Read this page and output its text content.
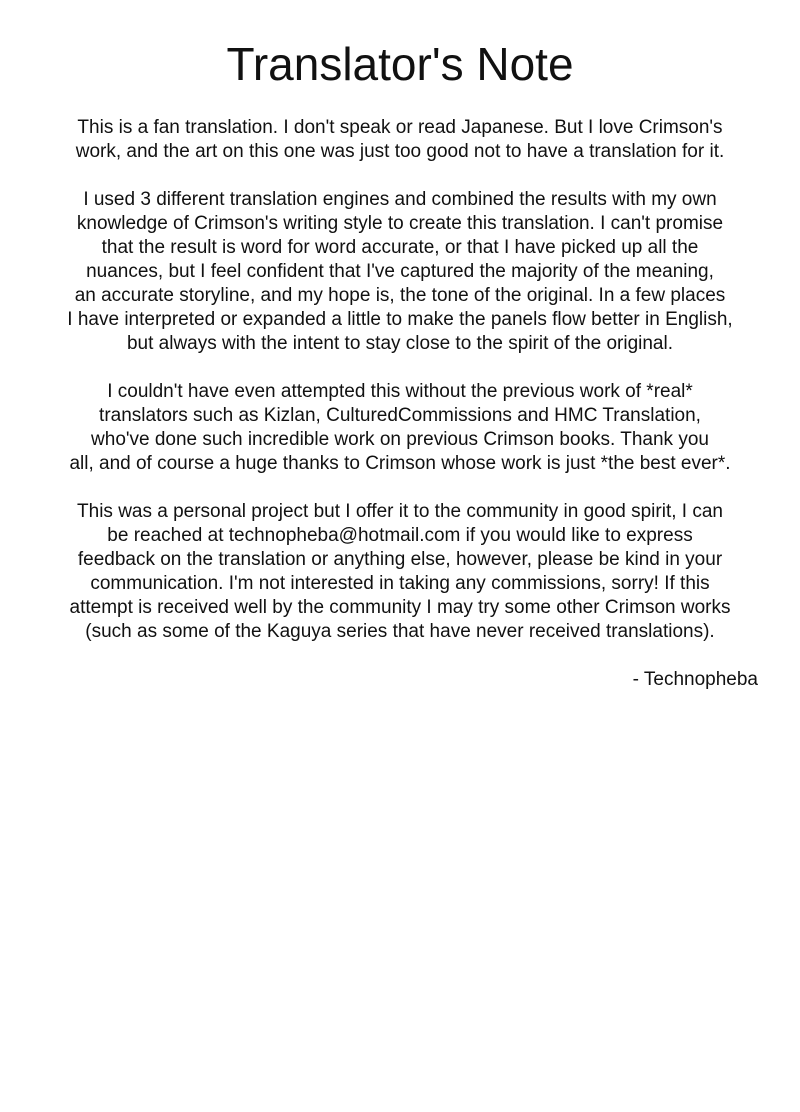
Translator's Note

This is a fan translation. I don't speak or read Japanese. But I love Crimson's
work, and the art on this one was just too good not to have a translation for it.

I used 3 different translation engines and combined the results with my own
knowledge of Crimson's writing style to create this translation. I can't promise
that the result is word for word accurate, or that I have picked up all the
nuances, but I feel confident that I've captured the majority of the meaning,
an accurate storyline, and my hope is, the tone of the original. In a few places
I have interpreted or expanded a little to make the panels flow better in English,
but always with the intent to stay close to the spirit of the original.

I couldn't have even attempted this without the previous work of *real*
translators such as Kizlan, CulturedCommissions and HMC Translation,
who've done such incredible work on previous Crimson books. Thank you
all, and of course a huge thanks to Crimson whose work is just *the best ever*.

This was a personal project but I offer it to the community in good spirit, I can
be reached at technopheba@hotmail.com if you would like to express
feedback on the translation or anything else, however, please be kind in your
communication. I'm not interested in taking any commissions, sorry! If this
attempt is received well by the community I may try some other Crimson works
(such as some of the Kaguya series that have never received translations).

- Technopheba
